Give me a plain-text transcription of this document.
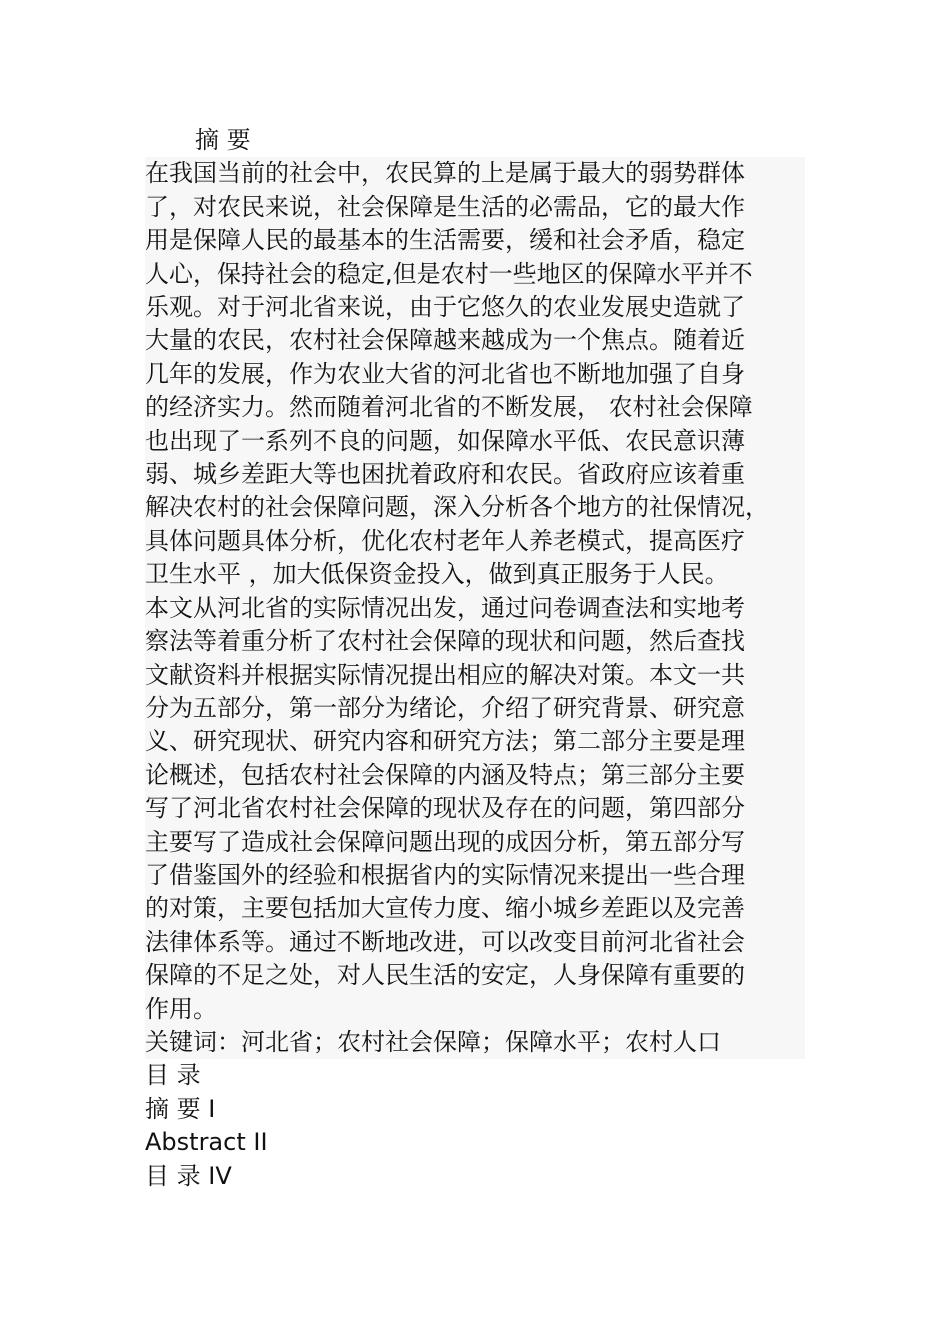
摘 要
在我国当前的社会中，农民算的上是属于最大的弱势群体
了，对农民来说，社会保障是生活的必需品，它的最大作
用是保障人民的最基本的生活需要，缓和社会矛盾，稳定
人心，保持社会的稳定,但是农村一些地区的保障水平并不
乐观。对于河北省来说，由于它悠久的农业发展史造就了
大量的农民，农村社会保障越来越成为一个焦点。随着近
几年的发展，作为农业大省的河北省也不断地加强了自身
的经济实力。然而随着河北省的不断发展， 农村社会保障
也出现了一系列不良的问题，如保障水平低、农民意识薄
弱、城乡差距大等也困扰着政府和农民。省政府应该着重
解决农村的社会保障问题，深入分析各个地方的社保情况，
具体问题具体分析，优化农村老年人养老模式，提高医疗
卫生水平 ，加大低保资金投入，做到真正服务于人民。
本文从河北省的实际情况出发，通过问卷调查法和实地考
察法等着重分析了农村社会保障的现状和问题，然后查找
文献资料并根据实际情况提出相应的解决对策。本文一共
分为五部分，第一部分为绪论，介绍了研究背景、研究意
义、研究现状、研究内容和研究方法；第二部分主要是理
论概述，包括农村社会保障的内涵及特点；第三部分主要
写了河北省农村社会保障的现状及存在的问题，第四部分
主要写了造成社会保障问题出现的成因分析，第五部分写
了借鉴国外的经验和根据省内的实际情况来提出一些合理
的对策，主要包括加大宣传力度、缩小城乡差距以及完善
法律体系等。通过不断地改进，可以改变目前河北省社会
保障的不足之处，对人民生活的安定，人身保障有重要的
作用。
关键词：河北省；农村社会保障；保障水平；农村人口
目 录
摘 要 I
Abstract II
目 录 IV
